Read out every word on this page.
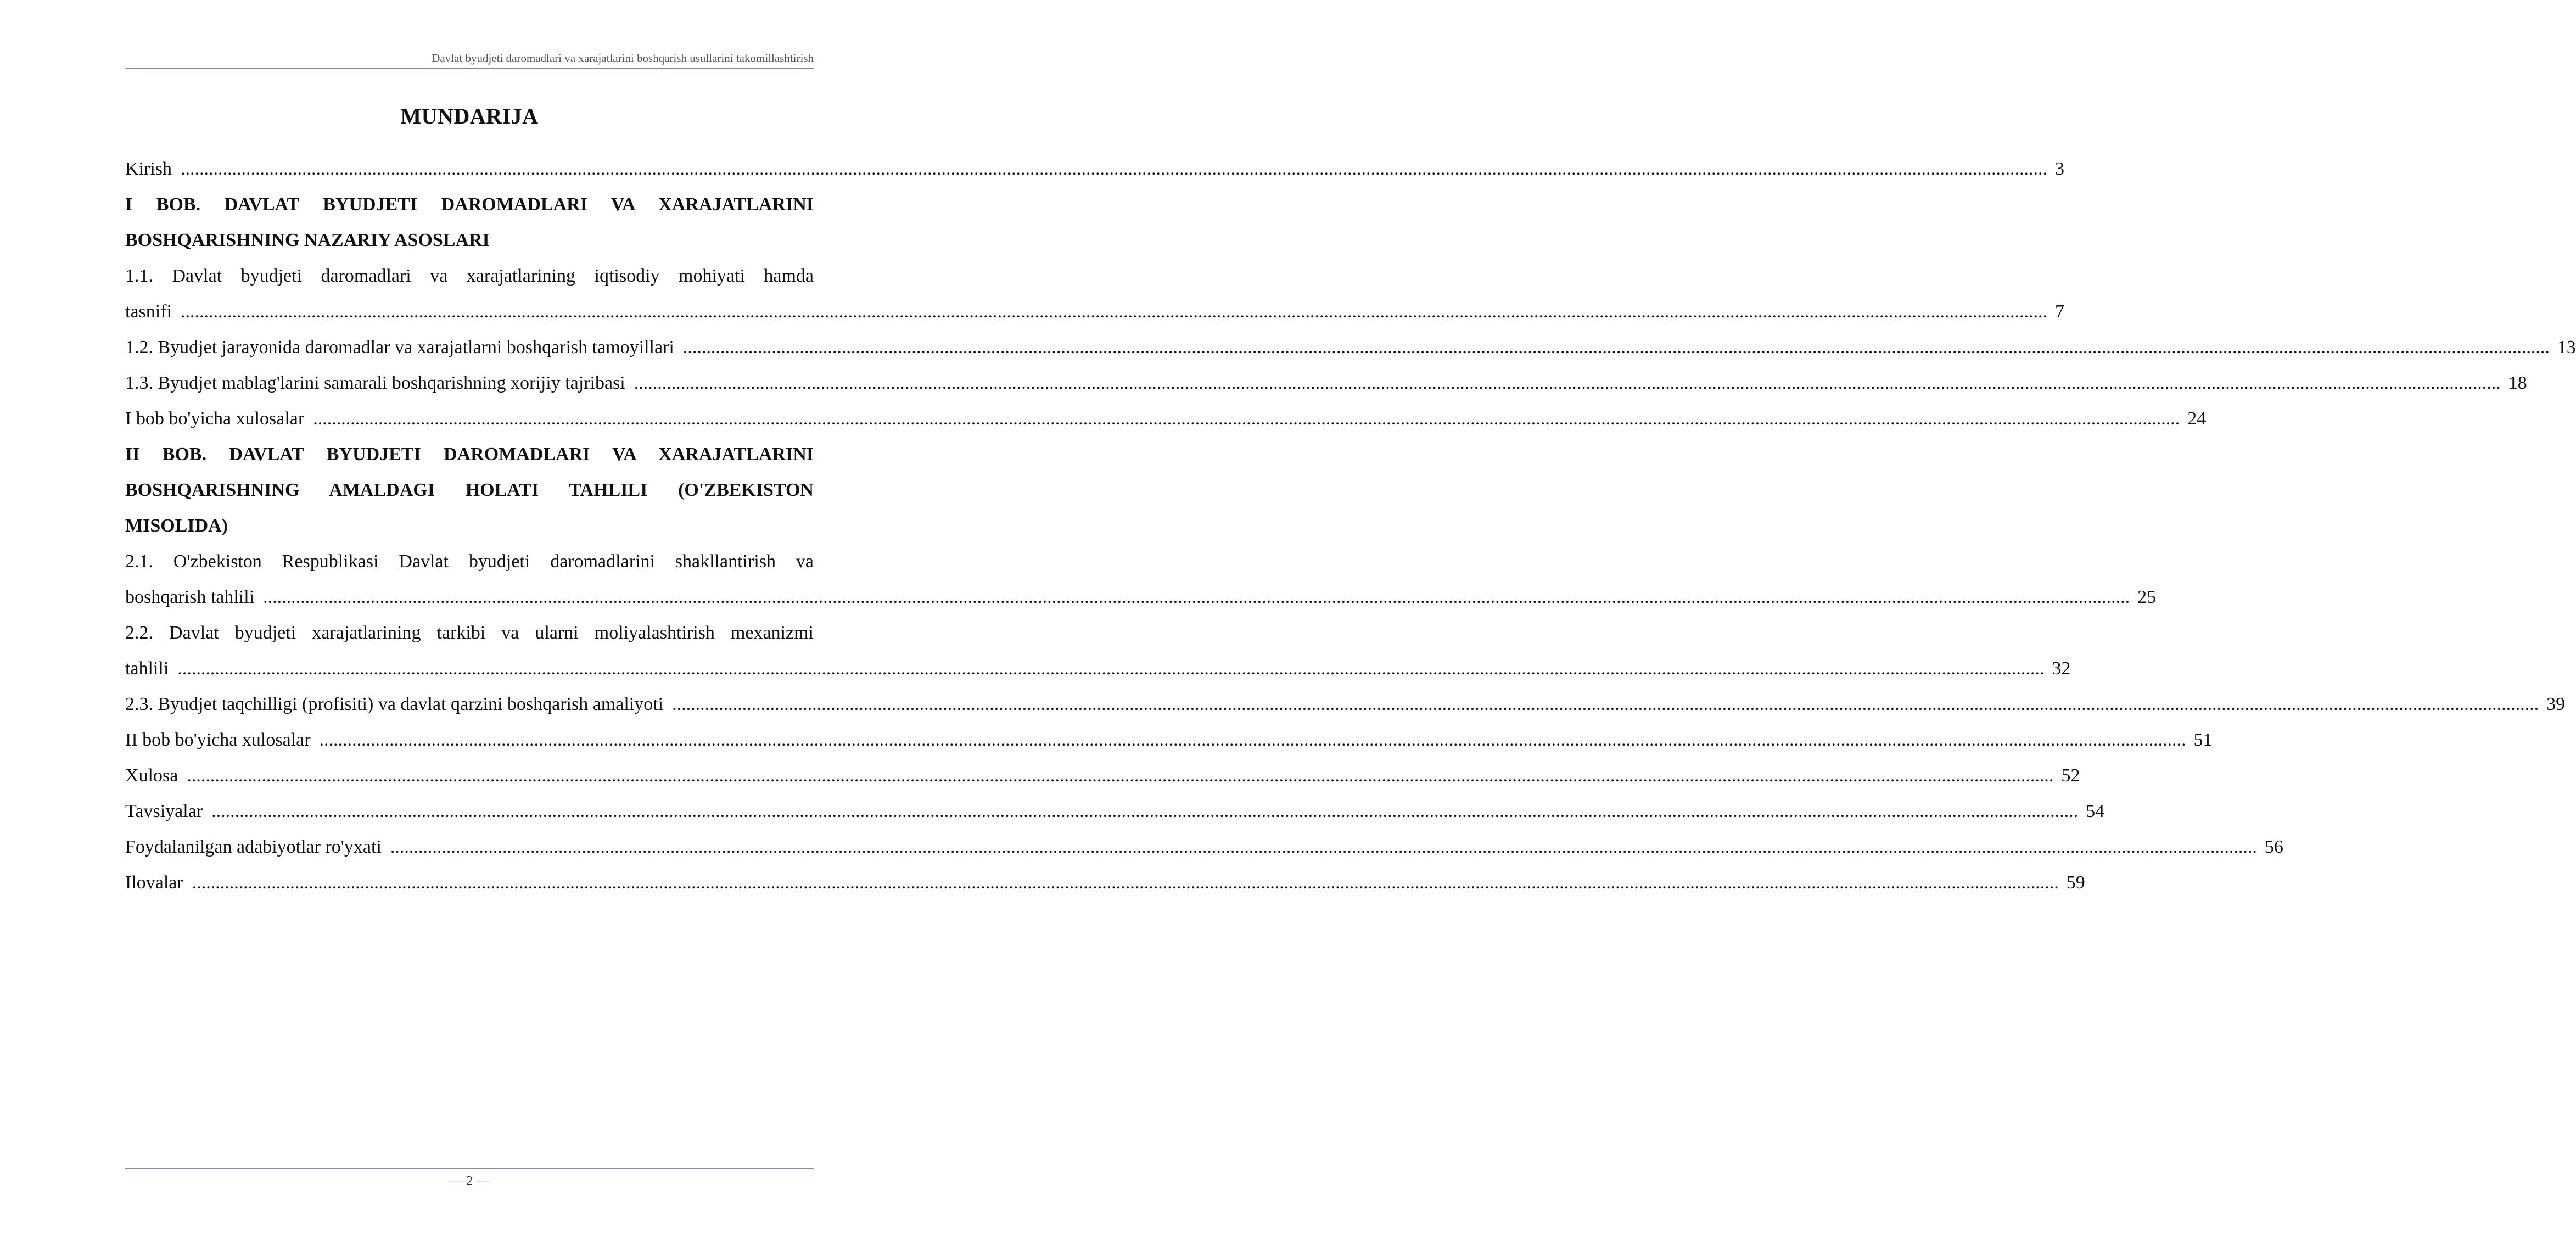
Davlat byudjeti daromadlari va xarajatlarini boshqarish usullarini takomillashtirish
MUNDARIJA
Kirish ................................................................................................................................................................................................................................................................................................................................................................................................................ 3
I BOB. DAVLAT BYUDJETI DAROMADLARI VA XARAJATLARINI
BOSHQARISHNING NAZARIY ASOSLARI
1.1. Davlat byudjeti daromadlari va xarajatlarining iqtisodiy mohiyati hamda
tasnifi ................................................................................................................................................................................................................................................................................................................................................................................................................ 7
1.2. Byudjet jarayonida daromadlar va xarajatlarni boshqarish tamoyillari ................................................................................................................................................................................................................................................................................................................................................................................................................ 13
1.3. Byudjet mablag'larini samarali boshqarishning xorijiy tajribasi ................................................................................................................................................................................................................................................................................................................................................................................................................ 18
I bob bo'yicha xulosalar ................................................................................................................................................................................................................................................................................................................................................................................................................ 24
II BOB. DAVLAT BYUDJETI DAROMADLARI VA XARAJATLARINI
BOSHQARISHNING AMALDAGI HOLATI TAHLILI (O'ZBEKISTON
MISOLIDA)
2.1. O'zbekiston Respublikasi Davlat byudjeti daromadlarini shakllantirish va
boshqarish tahlili ................................................................................................................................................................................................................................................................................................................................................................................................................ 25
2.2. Davlat byudjeti xarajatlarining tarkibi va ularni moliyalashtirish mexanizmi
tahlili ................................................................................................................................................................................................................................................................................................................................................................................................................ 32
2.3. Byudjet taqchilligi (profisiti) va davlat qarzini boshqarish amaliyoti ................................................................................................................................................................................................................................................................................................................................................................................................................ 39
II bob bo'yicha xulosalar ................................................................................................................................................................................................................................................................................................................................................................................................................ 51
Xulosa ................................................................................................................................................................................................................................................................................................................................................................................................................ 52
Tavsiyalar ................................................................................................................................................................................................................................................................................................................................................................................................................ 54
Foydalanilgan adabiyotlar ro'yxati ................................................................................................................................................................................................................................................................................................................................................................................................................ 56
Ilovalar ................................................................................................................................................................................................................................................................................................................................................................................................................ 59
— 2 —
